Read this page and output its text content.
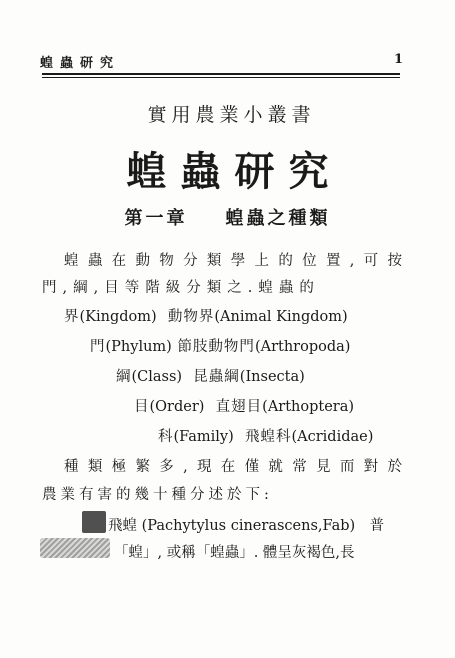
蝗蟲研究	1
實用農業小叢書
蝗蟲研究
第一章 蝗蟲之種類
蝗蟲在動物分類學上的位置,可按
門,綱,目等階級分類之.蝗蟲的
界(Kingdom) 動物界(Animal Kingdom)
門(Phylum) 節肢動物門(Arthropoda)
綱(Class) 昆蟲綱(Insecta)
目(Order) 直翅目(Arthoptera)
科(Family) 飛蝗科(Acrididae)
種類極繁多,現在僅就常見而對於
農業有害的幾十種分述於下:
飛蝗 (Pachytylus cinerascens,Fab)　普
「蝗」, 或稱「蝗蟲」. 體呈灰褐色,長
